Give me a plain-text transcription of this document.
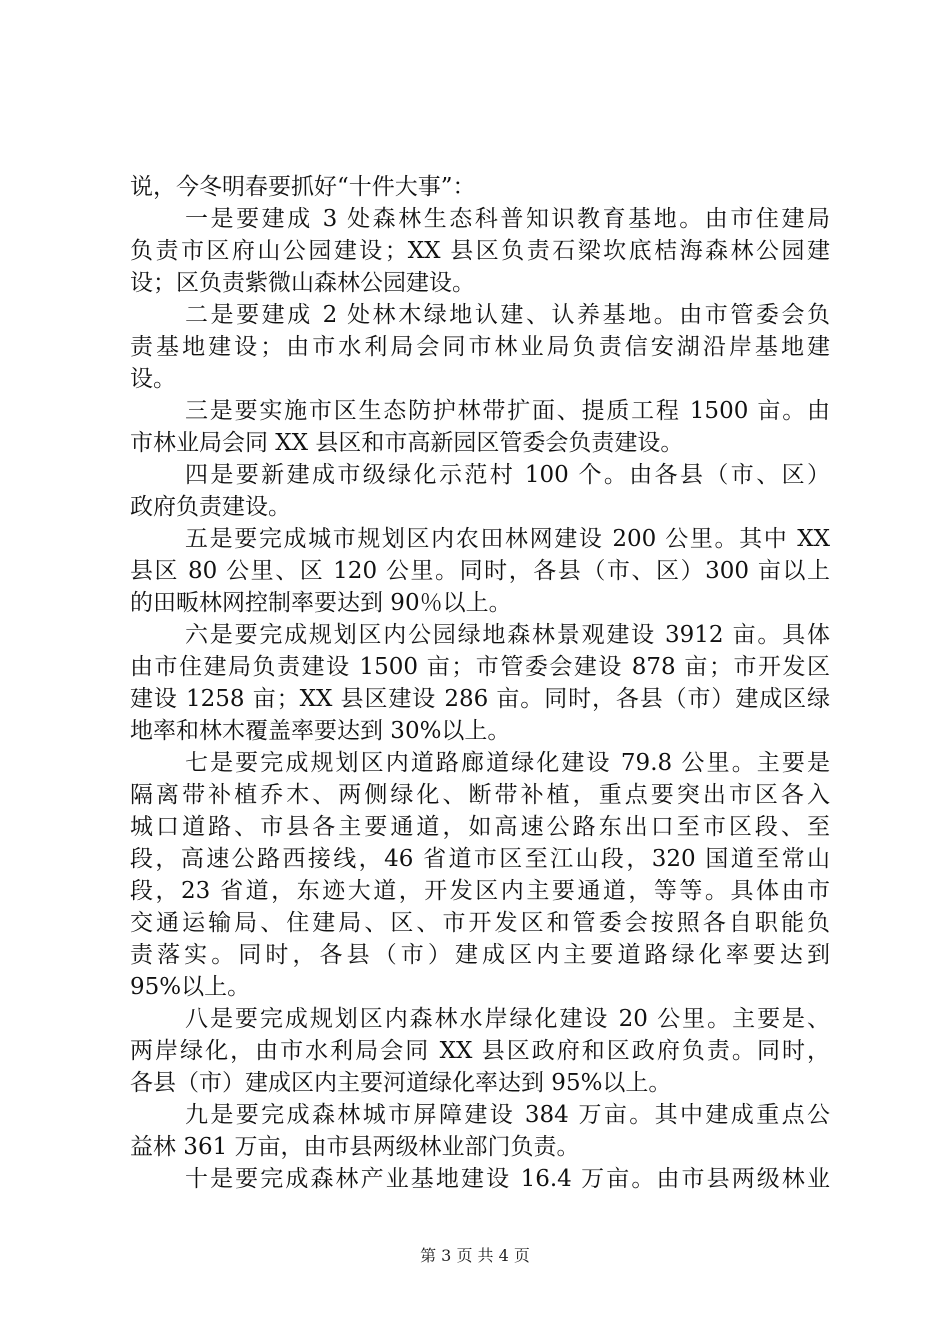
说，今冬明春要抓好“十件大事”：
一是要建成 3 处森林生态科普知识教育基地。由市住建局
负责市区府山公园建设；XX 县区负责石梁坎底桔海森林公园建
设；区负责紫微山森林公园建设。
二是要建成 2 处林木绿地认建、认养基地。由市管委会负
责基地建设；由市水利局会同市林业局负责信安湖沿岸基地建
设。
三是要实施市区生态防护林带扩面、提质工程 1500 亩。由
市林业局会同 XX 县区和市高新园区管委会负责建设。
四是要新建成市级绿化示范村 100 个。由各县（市、区）
政府负责建设。
五是要完成城市规划区内农田林网建设 200 公里。其中 XX
县区 80 公里、区 120 公里。同时，各县（市、区）300 亩以上
的田畈林网控制率要达到 90％以上。
六是要完成规划区内公园绿地森林景观建设 3912 亩。具体
由市住建局负责建设 1500 亩；市管委会建设 878 亩；市开发区
建设 1258 亩；XX 县区建设 286 亩。同时，各县（市）建成区绿
地率和林木覆盖率要达到 30%以上。
七是要完成规划区内道路廊道绿化建设 79.8 公里。主要是
隔离带补植乔木、两侧绿化、断带补植，重点要突出市区各入
城口道路、市县各主要通道，如高速公路东出口至市区段、至
段，高速公路西接线，46 省道市区至江山段，320 国道至常山
段，23 省道，东迹大道，开发区内主要通道，等等。具体由市
交通运输局、住建局、区、市开发区和管委会按照各自职能负
责落实。同时，各县（市）建成区内主要道路绿化率要达到
95%以上。
八是要完成规划区内森林水岸绿化建设 20 公里。主要是、
两岸绿化，由市水利局会同 XX 县区政府和区政府负责。同时，
各县（市）建成区内主要河道绿化率达到 95%以上。
九是要完成森林城市屏障建设 384 万亩。其中建成重点公
益林 361 万亩，由市县两级林业部门负责。
十是要完成森林产业基地建设 16.4 万亩。由市县两级林业
第 3 页 共 4 页
